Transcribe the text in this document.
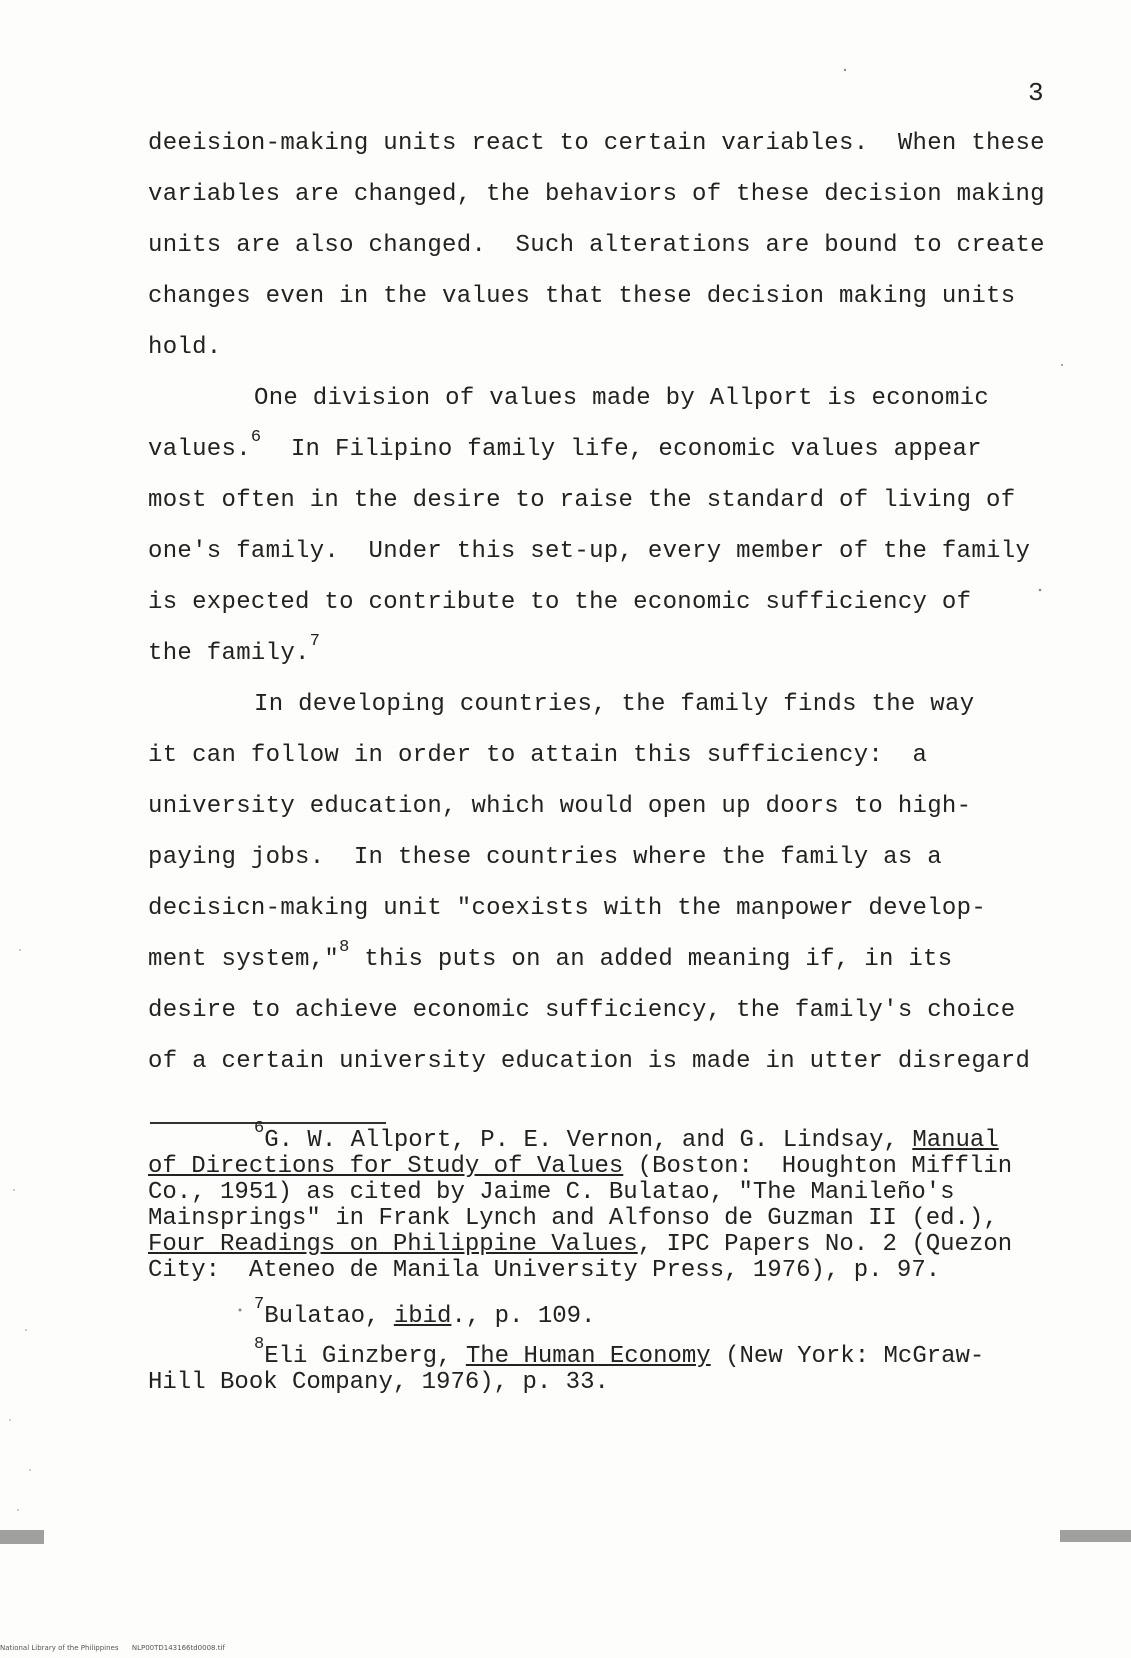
3
deeision-making units react to certain variables.  When these
variables are changed, the behaviors of these decision making
units are also changed.  Such alterations are bound to create
changes even in the values that these decision making units
hold.
One division of values made by Allport is economic
values.$^6$ In Filipino family life, economic values appear
most often in the desire to raise the standard of living of
one's family.  Under this set-up, every member of the family
is expected to contribute to the economic sufficiency of
the family.$^7$
In developing countries, the family finds the way
it can follow in order to attain this sufficiency:  a
university education, which would open up doors to high-
paying jobs.  In these countries where the family as a
decisicn-making unit "coexists with the manpower develop-
ment system,"$^8$ this puts on an added meaning if, in its
desire to achieve economic sufficiency, the family's choice
of a certain university education is made in utter disregard
$^6$G. W. Allport, P. E. Vernon, and G. Lindsay, Manual
of Directions for Study of Values (Boston:  Houghton Mifflin
Co., 1951) as cited by Jaime C. Bulatao, "The Manileño's
Mainsprings" in Frank Lynch and Alfonso de Guzman II (ed.),
Four Readings on Philippine Values, IPC Papers No. 2 (Quezon
City:  Ateneo de Manila University Press, 1976), p. 97.
$^7$Bulatao, ibid., p. 109.
$^8$Eli Ginzberg, The Human Economy (New York: McGraw-
Hill Book Company, 1976), p. 33.
National Library of the Philippines      NLP00TD143166td0008.tif
